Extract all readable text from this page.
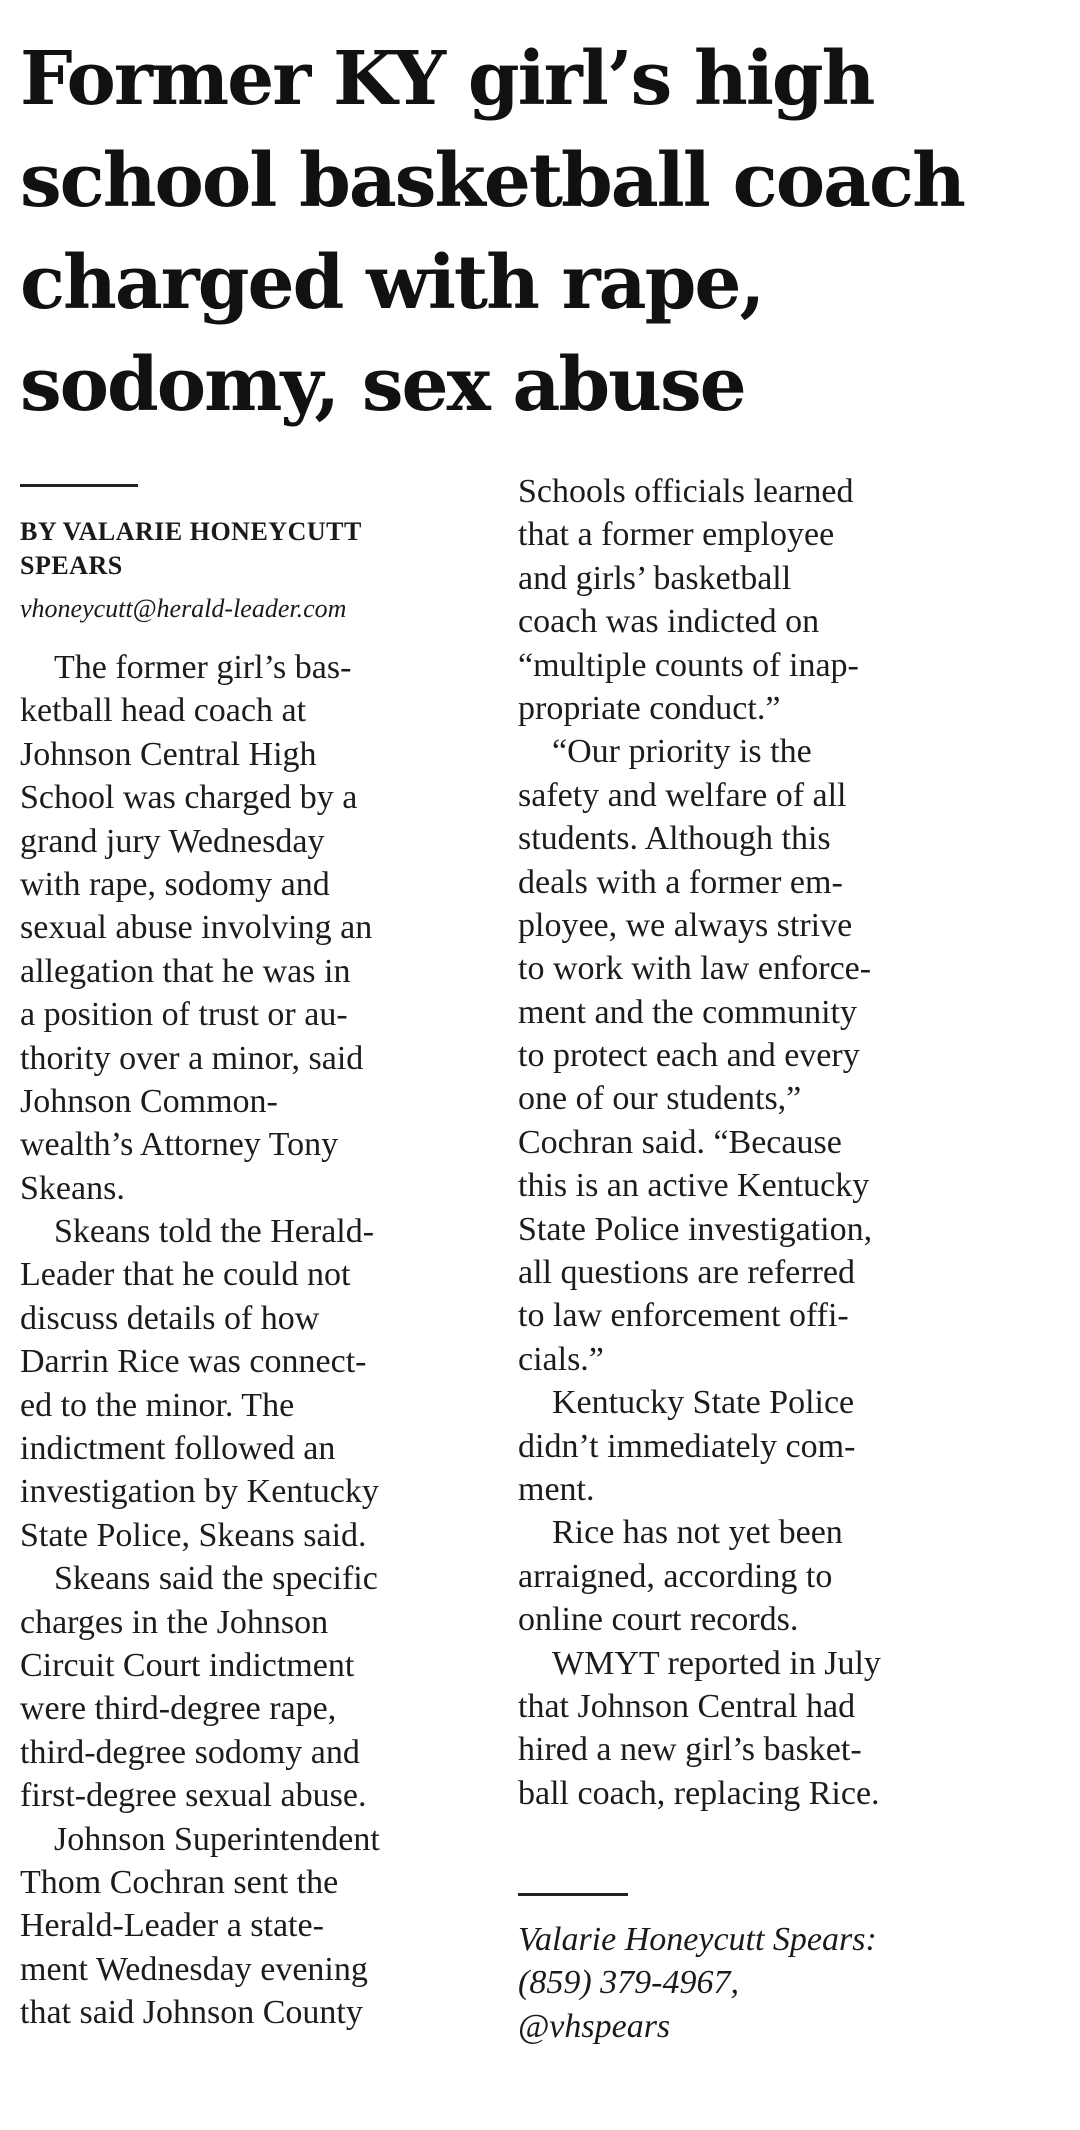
Former KY girl’s high
school basketball coach
charged with rape,
sodomy, sex abuse
BY VALARIE HONEYCUTT
SPEARS
vhoneycutt@herald-leader.com
The former girl’s bas-
ketball head coach at
Johnson Central High
School was charged by a
grand jury Wednesday
with rape, sodomy and
sexual abuse involving an
allegation that he was in
a position of trust or au-
thority over a minor, said
Johnson Common-
wealth’s Attorney Tony
Skeans.
Skeans told the Herald-
Leader that he could not
discuss details of how
Darrin Rice was connect-
ed to the minor. The
indictment followed an
investigation by Kentucky
State Police, Skeans said.
Skeans said the specific
charges in the Johnson
Circuit Court indictment
were third-degree rape,
third-degree sodomy and
first-degree sexual abuse.
Johnson Superintendent
Thom Cochran sent the
Herald-Leader a state-
ment Wednesday evening
that said Johnson County
Schools officials learned
that a former employee
and girls’ basketball
coach was indicted on
“multiple counts of inap-
propriate conduct.”
“Our priority is the
safety and welfare of all
students. Although this
deals with a former em-
ployee, we always strive
to work with law enforce-
ment and the community
to protect each and every
one of our students,”
Cochran said. “Because
this is an active Kentucky
State Police investigation,
all questions are referred
to law enforcement offi-
cials.”
Kentucky State Police
didn’t immediately com-
ment.
Rice has not yet been
arraigned, according to
online court records.
WMYT reported in July
that Johnson Central had
hired a new girl’s basket-
ball coach, replacing Rice.
Valarie Honeycutt Spears:
(859) 379-4967,
@vhspears
